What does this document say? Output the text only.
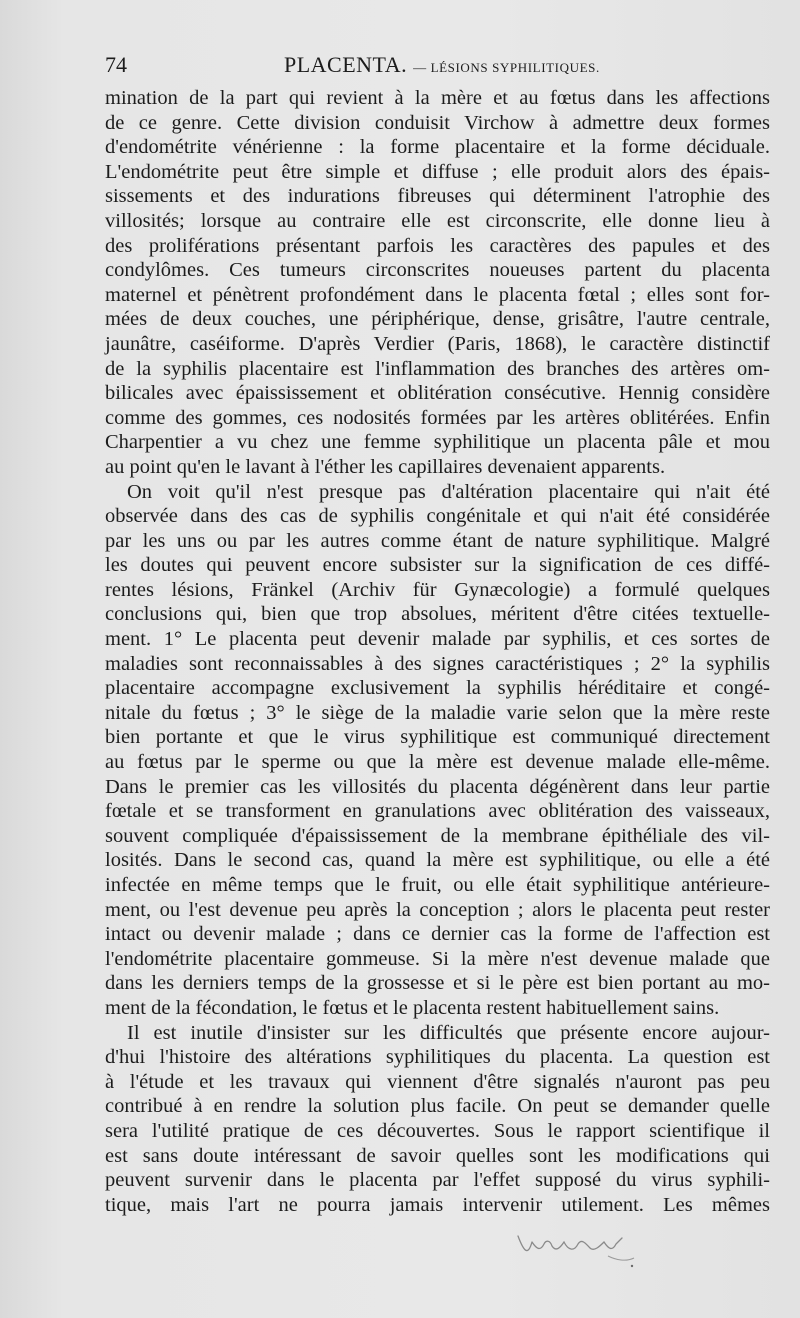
74	PLACENTA. — LÉSIONS SYPHILITIQUES.
mination de la part qui revient à la mère et au fœtus dans les affections
de ce genre. Cette division conduisit Virchow à admettre deux formes
d'endométrite vénérienne : la forme placentaire et la forme déciduale.
L'endométrite peut être simple et diffuse ; elle produit alors des épais-
sissements et des indurations fibreuses qui déterminent l'atrophie des
villosités; lorsque au contraire elle est circonscrite, elle donne lieu à
des proliférations présentant parfois les caractères des papules et des
condylômes. Ces tumeurs circonscrites noueuses partent du placenta
maternel et pénètrent profondément dans le placenta fœtal ; elles sont for-
mées de deux couches, une périphérique, dense, grisâtre, l'autre centrale,
jaunâtre, caséiforme. D'après Verdier (Paris, 1868), le caractère distinctif
de la syphilis placentaire est l'inflammation des branches des artères om-
bilicales avec épaississement et oblitération consécutive. Hennig considère
comme des gommes, ces nodosités formées par les artères oblitérées. Enfin
Charpentier a vu chez une femme syphilitique un placenta pâle et mou
au point qu'en le lavant à l'éther les capillaires devenaient apparents.
On voit qu'il n'est presque pas d'altération placentaire qui n'ait été
observée dans des cas de syphilis congénitale et qui n'ait été considérée
par les uns ou par les autres comme étant de nature syphilitique. Malgré
les doutes qui peuvent encore subsister sur la signification de ces diffé-
rentes lésions, Fränkel (Archiv für Gynæcologie) a formulé quelques
conclusions qui, bien que trop absolues, méritent d'être citées textuelle-
ment. 1° Le placenta peut devenir malade par syphilis, et ces sortes de
maladies sont reconnaissables à des signes caractéristiques ; 2° la syphilis
placentaire accompagne exclusivement la syphilis héréditaire et congé-
nitale du fœtus ; 3° le siège de la maladie varie selon que la mère reste
bien portante et que le virus syphilitique est communiqué directement
au fœtus par le sperme ou que la mère est devenue malade elle-même.
Dans le premier cas les villosités du placenta dégénèrent dans leur partie
fœtale et se transforment en granulations avec oblitération des vaisseaux,
souvent compliquée d'épaississement de la membrane épithéliale des vil-
losités. Dans le second cas, quand la mère est syphilitique, ou elle a été
infectée en même temps que le fruit, ou elle était syphilitique antérieure-
ment, ou l'est devenue peu après la conception ; alors le placenta peut rester
intact ou devenir malade ; dans ce dernier cas la forme de l'affection est
l'endométrite placentaire gommeuse. Si la mère n'est devenue malade que
dans les derniers temps de la grossesse et si le père est bien portant au mo-
ment de la fécondation, le fœtus et le placenta restent habituellement sains.
Il est inutile d'insister sur les difficultés que présente encore aujour-
d'hui l'histoire des altérations syphilitiques du placenta. La question est
à l'étude et les travaux qui viennent d'être signalés n'auront pas peu
contribué à en rendre la solution plus facile. On peut se demander quelle
sera l'utilité pratique de ces découvertes. Sous le rapport scientifique il
est sans doute intéressant de savoir quelles sont les modifications qui
peuvent survenir dans le placenta par l'effet supposé du virus syphili-
tique, mais l'art ne pourra jamais intervenir utilement. Les mêmes
